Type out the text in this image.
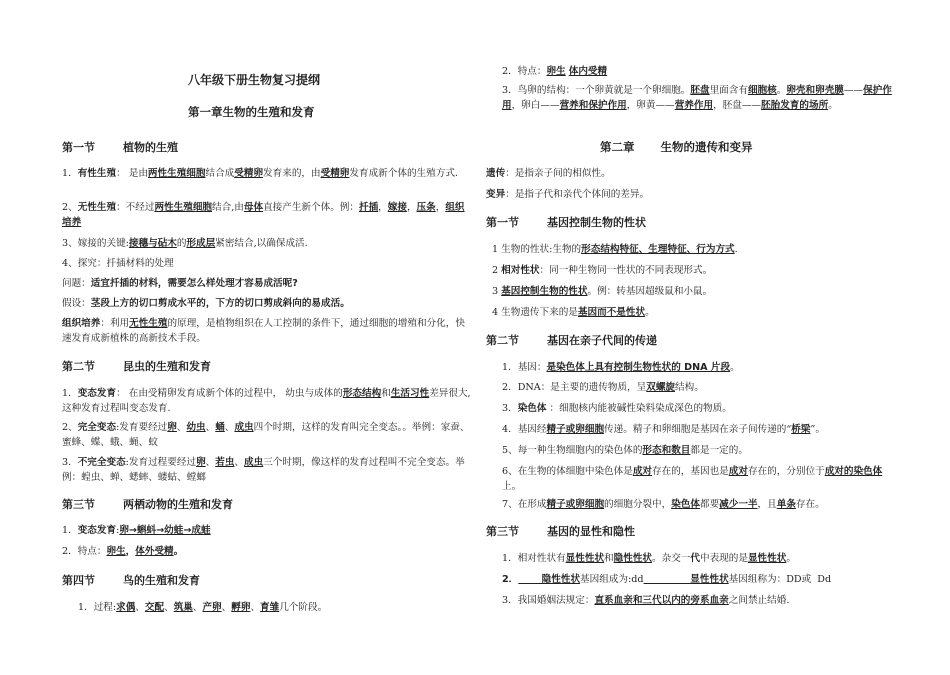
八年级下册生物复习提纲
第一章生物的生殖和发育
第一节	植物的生殖
1．有性生殖： 是由两性生殖细胞结合成受精卵发育来的，由受精卵发育成新个体的生殖方式.
2、无性生殖：不经过两性生殖细胞结合,由母体直接产生新个体。例：扦插，嫁接，压条，组织培养
3、嫁接的关键:接穗与砧木的形成层紧密结合,以确保成活.
4、探究：扦插材料的处理
问题：适宜扦插的材料，需要怎么样处理才容易成活呢?
假设：茎段上方的切口剪成水平的，下方的切口剪成斜向的易成活。
组织培养：利用无性生殖的原理，是植物组织在人工控制的条件下，通过细胞的增殖和分化，快速发育成新植株的高新技术手段。
第二节	昆虫的生殖和发育
1．变态发育： 在由受精卵发育成新个体的过程中， 幼虫与成体的形态结构和生活习性差异很大,这种发育过程叫变态发育.
2、完全变态:发育要经过卵、幼虫、蛹、成虫四个时期，这样的发育叫完全变态。。举例：家蚕、蜜蜂、蝶、蛾、蝇、蚊
3．不完全变态:发育过程要经过卵、若虫、成虫三个时期，像这样的发育过程叫不完全变态。举例：蝗虫、蝉、蟋蟀、蝼蛄、螳螂
第三节	两栖动物的生殖和发育
1．变态发育:卵→蝌蚪→幼蛙→成蛙
2．特点：卵生，体外受精。
第四节	鸟的生殖和发育
1．过程:求偶、交配、筑巢、产卵、孵卵、育雏几个阶段。
2．特点：卵生 体内受精
3．鸟卵的结构：一个卵黄就是一个卵细胞。胚盘里面含有细胞核。卵壳和卵壳膜——保护作用，卵白——营养和保护作用，卵黄——营养作用，胚盘——胚胎发育的场所。
第二章 生物的遗传和变异
遗传：是指亲子间的相似性。
变异：是指子代和亲代个体间的差异。
第一节	基因控制生物的性状
1 生物的性状:生物的形态结构特征、生理特征、行为方式.
2 相对性状：同一种生物同一性状的不同表现形式。
3 基因控制生物的性状。例：转基因超级鼠和小鼠。
4 生物遗传下来的是基因而不是性状。
第二节	基因在亲子代间的传递
1．基因：是染色体上具有控制生物性状的 DNA 片段。
2．DNA：是主要的遗传物质，呈双螺旋结构。
3．染色体 ：细胞核内能被碱性染料染成深色的物质。
4．基因经精子或卵细胞传递。精子和卵细胞是基因在亲子间传递的“桥梁”。
5、每一种生物细胞内的染色体的形态和数目都是一定的。
6、在生物的体细胞中染色体是成对存在的，基因也是成对存在的，分别位于成对的染色体上。
7、在形成精子或卵细胞的细胞分裂中，染色体都要减少一半，且单条存在。
第三节	基因的显性和隐性
1．相对性状有显性性状和隐性性状。杂交一代中表现的是显性性状。
2．       隐性性状基因组成为:dd              显性性状基因组称为：DD或  Dd
3．我国婚姻法规定：直系血亲和三代以内的旁系血亲之间禁止结婚.
